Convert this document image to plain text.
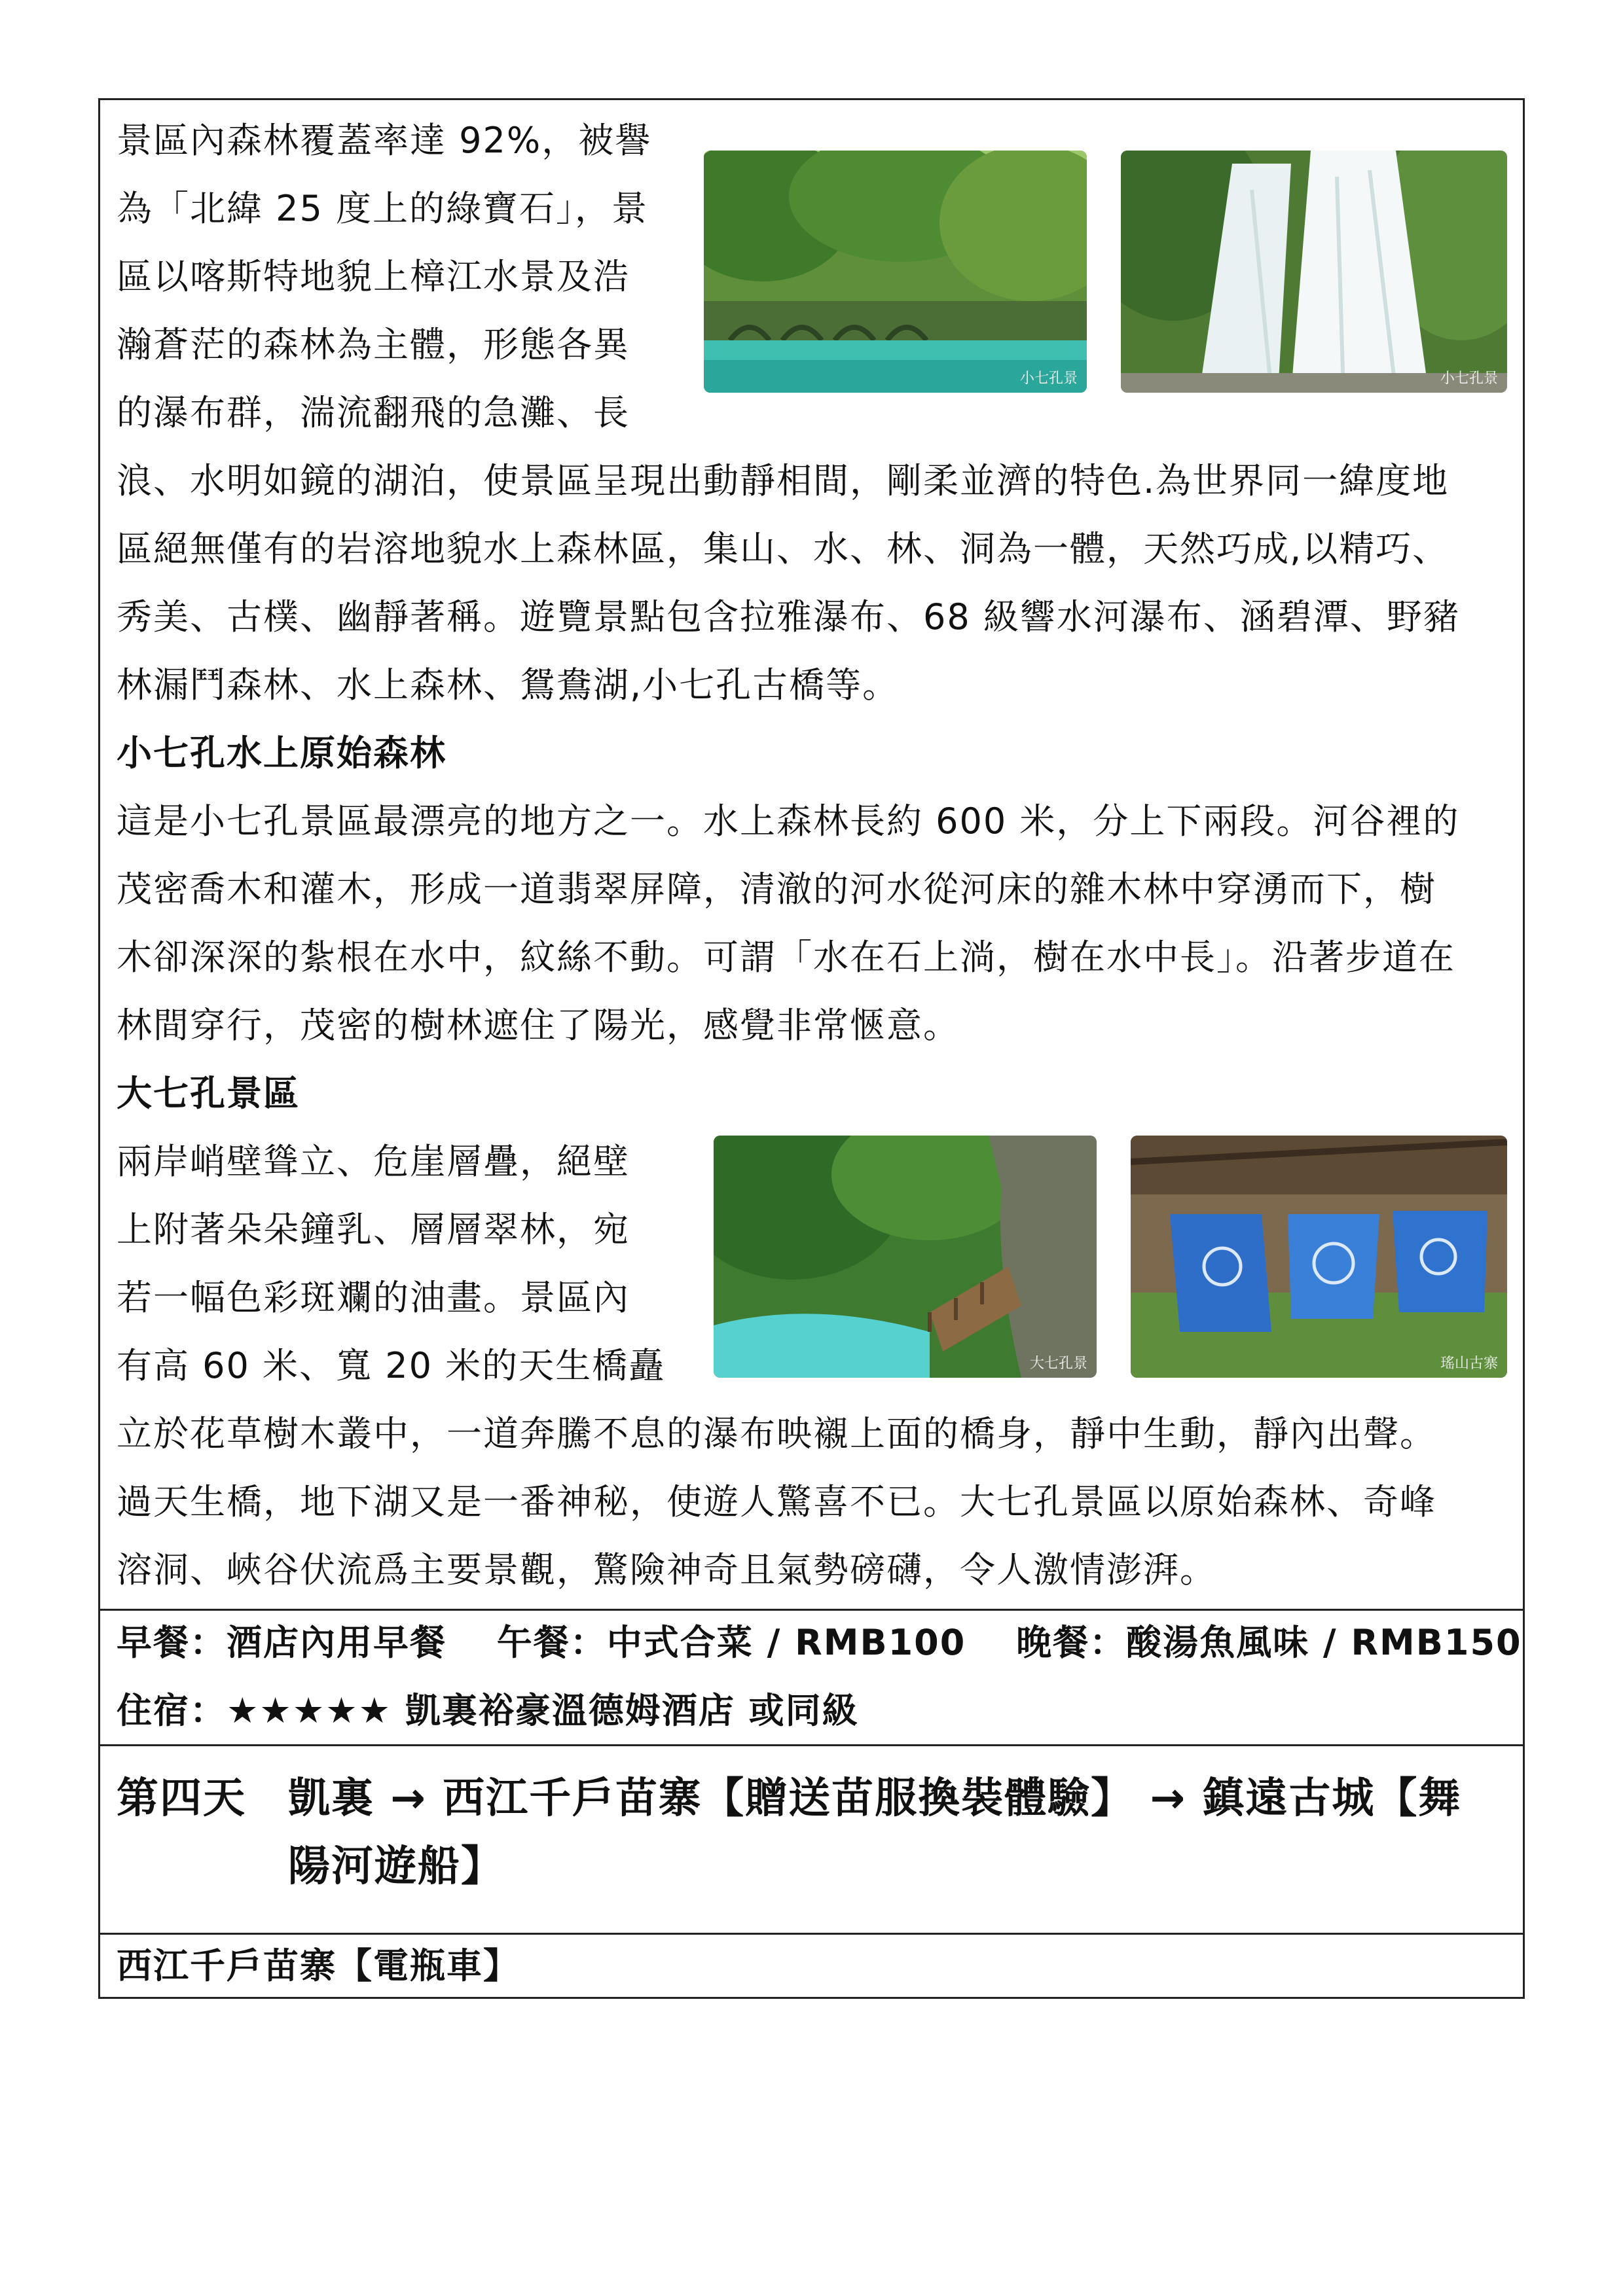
景區內森林覆蓋率達 92%，被譽
為「北緯 25 度上的綠寶石」，景
區以喀斯特地貌上樟江水景及浩
瀚蒼茫的森林為主體，形態各異
的瀑布群，湍流翻飛的急灘、長
浪、水明如鏡的湖泊，使景區呈現出動靜相間，剛柔並濟的特色.為世界同一緯度地
區絕無僅有的岩溶地貌水上森林區，集山、水、林、洞為一體，天然巧成,以精巧、
秀美、古樸、幽靜著稱。遊覽景點包含拉雅瀑布、68 級響水河瀑布、涵碧潭、野豬
林漏鬥森林、水上森林、鴛鴦湖,小七孔古橋等。
小七孔景	小七孔景
小七孔水上原始森林
這是小七孔景區最漂亮的地方之一。水上森林長約 600 米，分上下兩段。河谷裡的
茂密喬木和灌木，形成一道翡翠屏障，清澈的河水從河床的雜木林中穿湧而下，樹
木卻深深的紮根在水中，紋絲不動。可謂「水在石上淌，樹在水中長」。沿著步道在
林間穿行，茂密的樹林遮住了陽光，感覺非常愜意。
大七孔景區
兩岸峭壁聳立、危崖層疊，絕壁
上附著朵朵鐘乳、層層翠林，宛
若一幅色彩斑斕的油畫。景區內
有高 60 米、寬 20 米的天生橋矗
立於花草樹木叢中，一道奔騰不息的瀑布映襯上面的橋身，靜中生動，靜內出聲。
過天生橋，地下湖又是一番神秘，使遊人驚喜不已。大七孔景區以原始森林、奇峰
溶洞、峽谷伏流爲主要景觀，驚險神奇且氣勢磅礴，令人激情澎湃。
大七孔景	瑤山古寨
早餐：酒店內用早餐　 午餐：中式合菜 / RMB100　 晚餐：酸湯魚風味 / RMB150
住宿：★★★★★ 凱裏裕豪溫德姆酒店 或同級
第四天 凱裏 → 西江千戶苗寨【贈送苗服換裝體驗】 → 鎮遠古城【舞
陽河遊船】
西江千戶苗寨【電瓶車】
